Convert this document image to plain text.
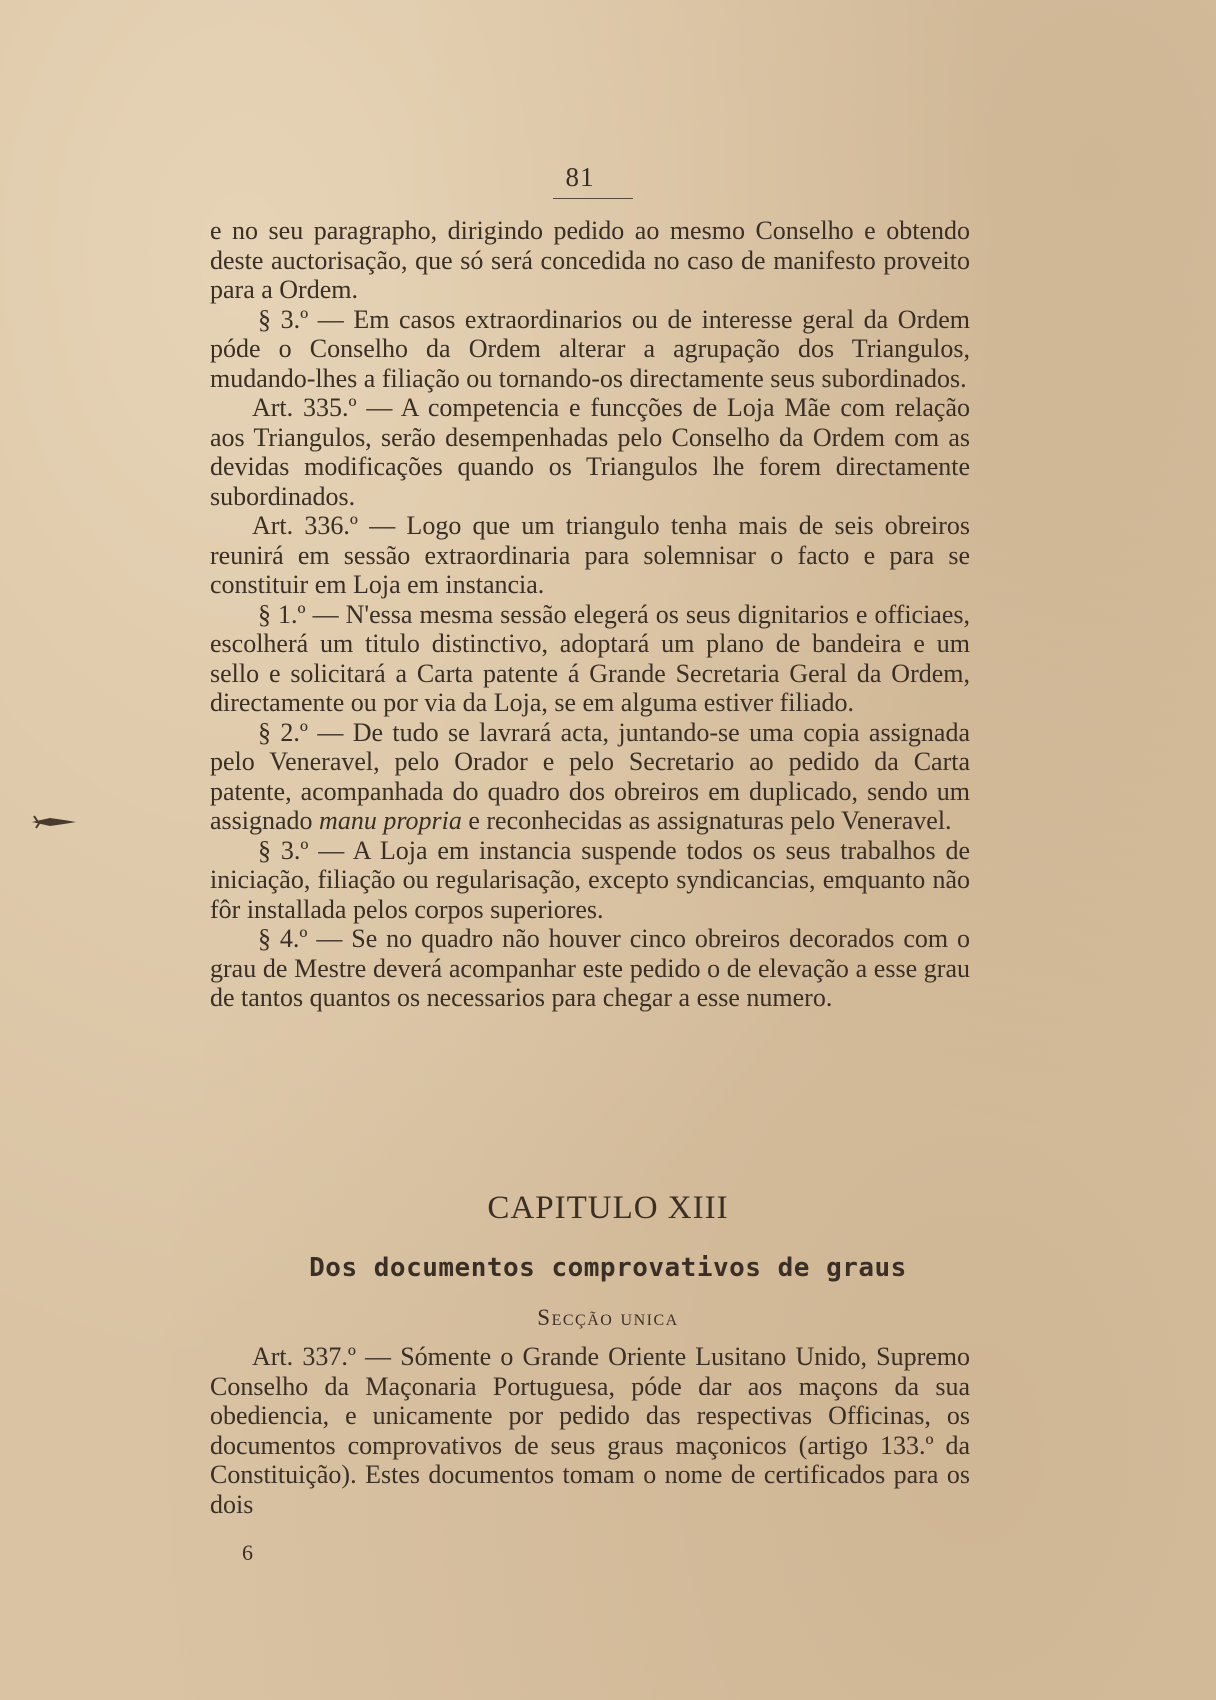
81

e no seu paragrapho, dirigindo pedido ao mesmo Conselho e obtendo deste auctorisação, que só será concedida no caso de manifesto proveito para a Ordem.

§ 3.º — Em casos extraordinarios ou de interesse geral da Ordem póde o Conselho da Ordem alterar a agrupação dos Triangulos, mudando-lhes a filiação ou tornando-os directamente seus subordinados.

Art. 335.º — A competencia e funcções de Loja Mãe com relação aos Triangulos, serão desempenhadas pelo Conselho da Ordem com as devidas modificações quando os Triangulos lhe forem directamente subordinados.

Art. 336.º — Logo que um triangulo tenha mais de seis obreiros reunirá em sessão extraordinaria para solemnisar o facto e para se constituir em Loja em instancia.

§ 1.º — N'essa mesma sessão elegerá os seus dignitarios e officiaes, escolherá um titulo distinctivo, adoptará um plano de bandeira e um sello e solicitará a Carta patente á Grande Secretaria Geral da Ordem, directamente ou por via da Loja, se em alguma estiver filiado.

§ 2.º — De tudo se lavrará acta, juntando-se uma copia assignada pelo Veneravel, pelo Orador e pelo Secretario ao pedido da Carta patente, acompanhada do quadro dos obreiros em duplicado, sendo um assignado manu propria e reconhecidas as assignaturas pelo Veneravel.

§ 3.º — A Loja em instancia suspende todos os seus trabalhos de iniciação, filiação ou regularisação, excepto syndicancias, emquanto não fôr installada pelos corpos superiores.

§ 4.º — Se no quadro não houver cinco obreiros decorados com o grau de Mestre deverá acompanhar este pedido o de elevação a esse grau de tantos quantos os necessarios para chegar a esse numero.

CAPITULO XIII
Dos documentos comprovativos de graus
Secção unica

Art. 337.º — Sómente o Grande Oriente Lusitano Unido, Supremo Conselho da Maçonaria Portuguesa, póde dar aos maçons da sua obediencia, e unicamente por pedido das respectivas Officinas, os documentos comprovativos de seus graus maçonicos (artigo 133.º da Constituição). Estes documentos tomam o nome de certificados para os dois

6
